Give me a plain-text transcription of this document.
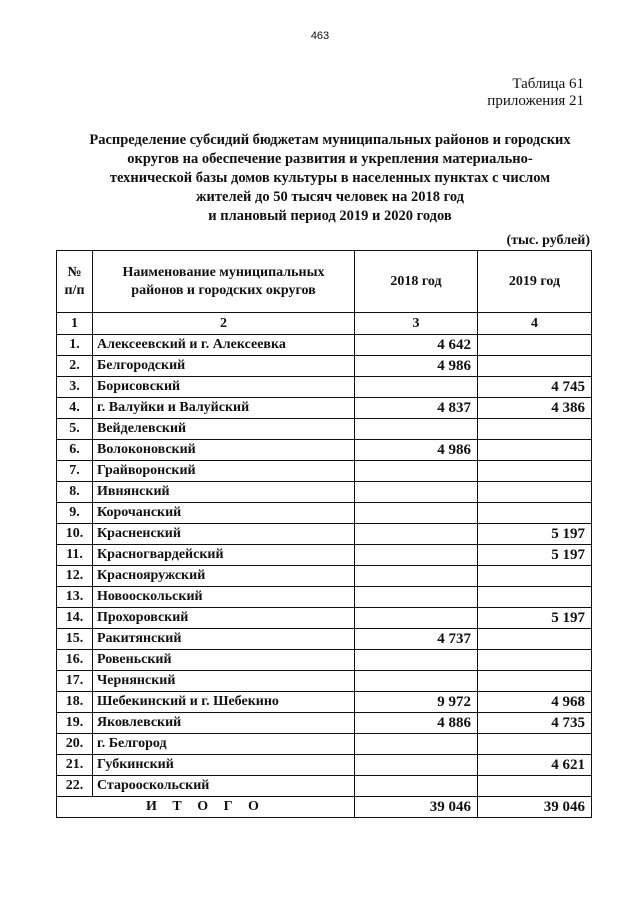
463
Таблица 61
приложения 21
Распределение субсидий бюджетам муниципальных районов и городских
округов на обеспечение развития и укрепления материально-
технической базы домов культуры в населенных пунктах с числом
жителей до 50 тысяч человек на 2018 год
и плановый период 2019 и 2020 годов
(тыс. рублей)
№ п/п	Наименование муниципальных районов и городских округов	2018 год	2019 год
1	2	3	4
1.	Алексеевский и г. Алексеевка	4 642	
2.	Белгородский	4 986	
3.	Борисовский		4 745
4.	г. Валуйки и Валуйский	4 837	4 386
5.	Вейделевский		
6.	Волоконовский	4 986	
7.	Грайворонский		
8.	Ивнянский		
9.	Корочанский		
10.	Красненский		5 197
11.	Красногвардейский		5 197
12.	Краснояружский		
13.	Новооскольский		
14.	Прохоровский		5 197
15.	Ракитянский	4 737	
16.	Ровеньский		
17.	Чернянский		
18.	Шебекинский и г. Шебекино	9 972	4 968
19.	Яковлевский	4 886	4 735
20.	г. Белгород		
21.	Губкинский		4 621
22.	Старооскольский		
И Т О Г О		39 046	39 046
